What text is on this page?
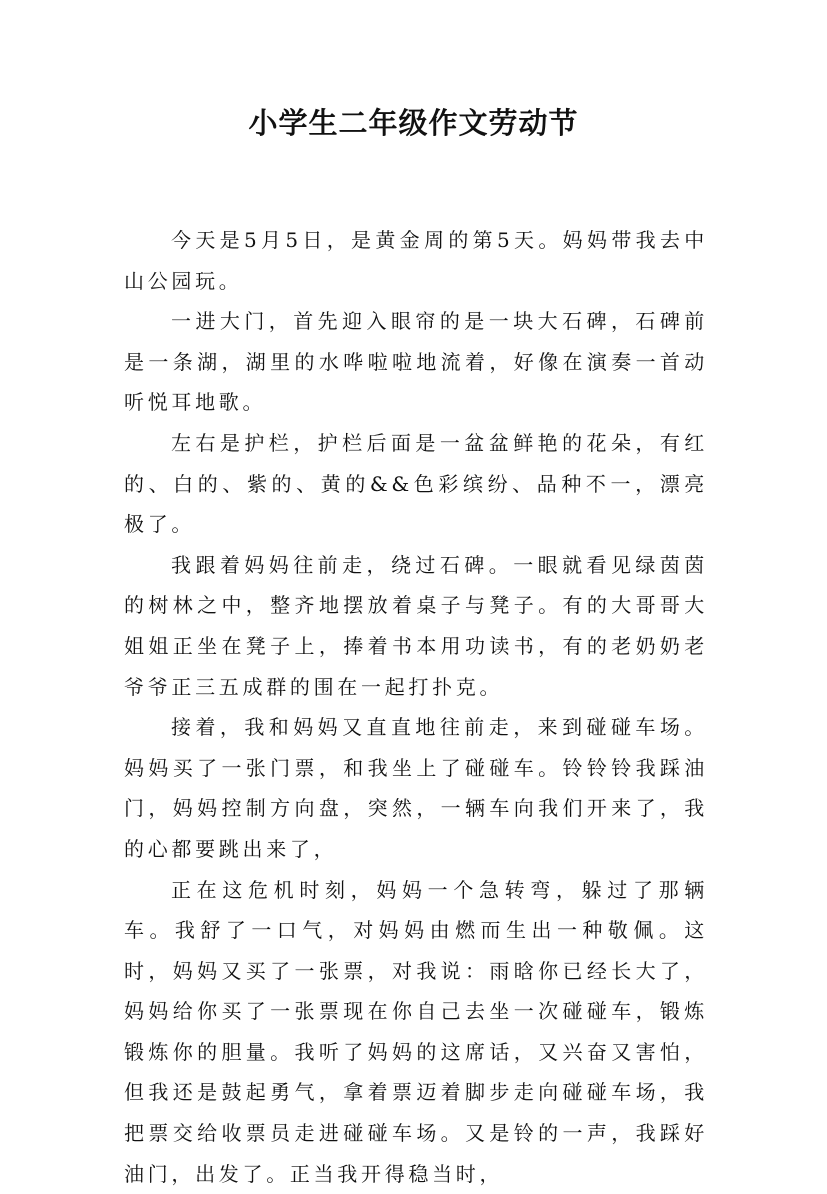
小学生二年级作文劳动节

今天是5月5日，是黄金周的第5天。妈妈带我去中山公园玩。

一进大门，首先迎入眼帘的是一块大石碑，石碑前是一条湖，湖里的水哗啦啦地流着，好像在演奏一首动听悦耳地歌。

左右是护栏，护栏后面是一盆盆鲜艳的花朵，有红的、白的、紫的、黄的&&色彩缤纷、品种不一，漂亮极了。

我跟着妈妈往前走，绕过石碑。一眼就看见绿茵茵的树林之中，整齐地摆放着桌子与凳子。有的大哥哥大姐姐正坐在凳子上，捧着书本用功读书，有的老奶奶老爷爷正三五成群的围在一起打扑克。

接着，我和妈妈又直直地往前走，来到碰碰车场。妈妈买了一张门票，和我坐上了碰碰车。铃铃铃我踩油门，妈妈控制方向盘，突然，一辆车向我们开来了，我的心都要跳出来了，

正在这危机时刻，妈妈一个急转弯，躲过了那辆车。我舒了一口气，对妈妈由燃而生出一种敬佩。这时，妈妈又买了一张票，对我说：雨晗你已经长大了，妈妈给你买了一张票现在你自己去坐一次碰碰车，锻炼锻炼你的胆量。我听了妈妈的这席话，又兴奋又害怕，但我还是鼓起勇气，拿着票迈着脚步走向碰碰车场，我把票交给收票员走进碰碰车场。又是铃的一声，我踩好油门，出发了。正当我开得稳当时，
